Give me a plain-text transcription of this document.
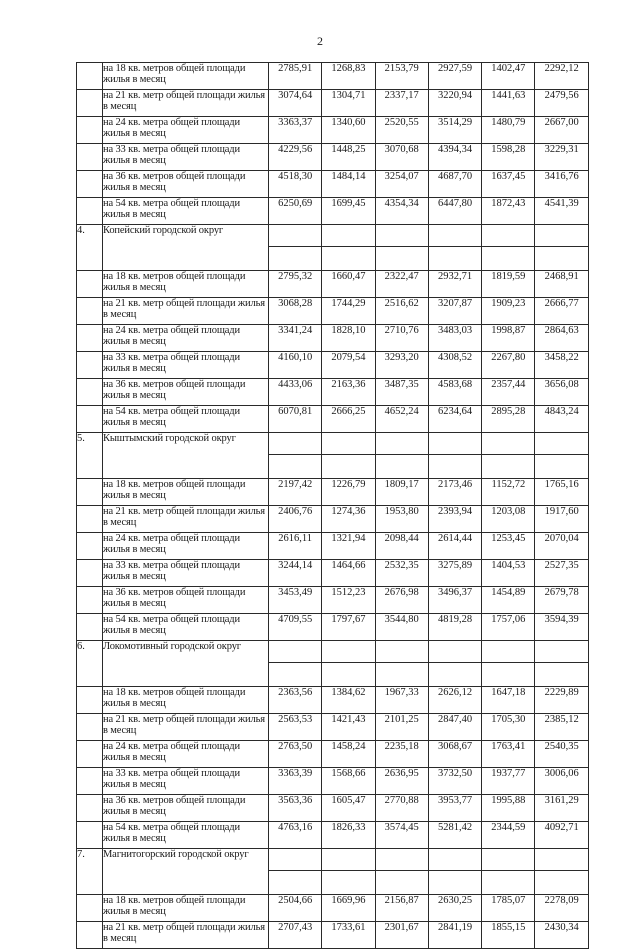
2
	на 18 кв. метров общей площади жилья в месяц	2785,91	1268,83	2153,79	2927,59	1402,47	2292,12
	на 21 кв. метр общей площади жилья в месяц	3074,64	1304,71	2337,17	3220,94	1441,63	2479,56
	на 24 кв. метра общей площади жилья в месяц	3363,37	1340,60	2520,55	3514,29	1480,79	2667,00
	на 33 кв. метра общей площади жилья в месяц	4229,56	1448,25	3070,68	4394,34	1598,28	3229,31
	на 36 кв. метров общей площади жилья в месяц	4518,30	1484,14	3254,07	4687,70	1637,45	3416,76
	на 54 кв. метра общей площади жилья в месяц	6250,69	1699,45	4354,34	6447,80	1872,43	4541,39
4.	Копейский городской округ						

	на 18 кв. метров общей площади жилья в месяц	2795,32	1660,47	2322,47	2932,71	1819,59	2468,91
	на 21 кв. метр общей площади жилья в месяц	3068,28	1744,29	2516,62	3207,87	1909,23	2666,77
	на 24 кв. метра общей площади жилья в месяц	3341,24	1828,10	2710,76	3483,03	1998,87	2864,63
	на 33 кв. метра общей площади жилья в месяц	4160,10	2079,54	3293,20	4308,52	2267,80	3458,22
	на 36 кв. метров общей площади жилья в месяц	4433,06	2163,36	3487,35	4583,68	2357,44	3656,08
	на 54 кв. метра общей площади жилья в месяц	6070,81	2666,25	4652,24	6234,64	2895,28	4843,24
5.	Кыштымский городской округ						

	на 18 кв. метров общей площади жилья в месяц	2197,42	1226,79	1809,17	2173,46	1152,72	1765,16
	на 21 кв. метр общей площади жилья в месяц	2406,76	1274,36	1953,80	2393,94	1203,08	1917,60
	на 24 кв. метра общей площади жилья в месяц	2616,11	1321,94	2098,44	2614,44	1253,45	2070,04
	на 33 кв. метра общей площади жилья в месяц	3244,14	1464,66	2532,35	3275,89	1404,53	2527,35
	на 36 кв. метров общей площади жилья в месяц	3453,49	1512,23	2676,98	3496,37	1454,89	2679,78
	на 54 кв. метра общей площади жилья в месяц	4709,55	1797,67	3544,80	4819,28	1757,06	3594,39
6.	Локомотивный городской округ						

	на 18 кв. метров общей площади жилья в месяц	2363,56	1384,62	1967,33	2626,12	1647,18	2229,89
	на 21 кв. метр общей площади жилья в месяц	2563,53	1421,43	2101,25	2847,40	1705,30	2385,12
	на 24 кв. метра общей площади жилья в месяц	2763,50	1458,24	2235,18	3068,67	1763,41	2540,35
	на 33 кв. метра общей площади жилья в месяц	3363,39	1568,66	2636,95	3732,50	1937,77	3006,06
	на 36 кв. метров общей площади жилья в месяц	3563,36	1605,47	2770,88	3953,77	1995,88	3161,29
	на 54 кв. метра общей площади жилья в месяц	4763,16	1826,33	3574,45	5281,42	2344,59	4092,71
7.	Магнитогорский городской округ						

	на 18 кв. метров общей площади жилья в месяц	2504,66	1669,96	2156,87	2630,25	1785,07	2278,09
	на 21 кв. метр общей площади жилья в месяц	2707,43	1733,61	2301,67	2841,19	1855,15	2430,34
